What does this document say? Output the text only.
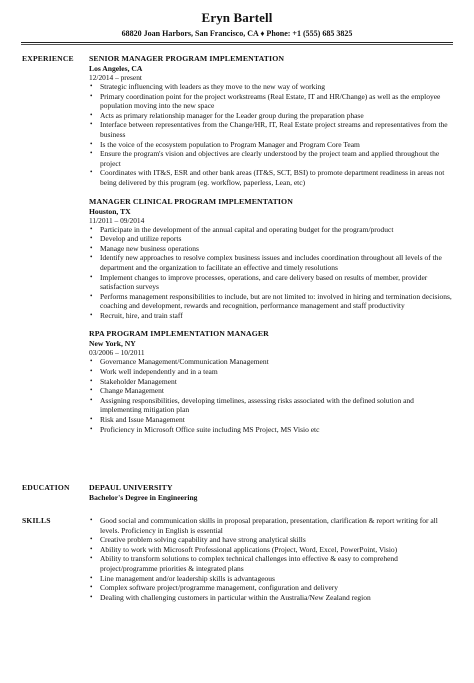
Eryn Bartell
68820 Joan Harbors, San Francisco, CA ♦ Phone: +1 (555) 685 3825
EXPERIENCE SENIOR MANAGER PROGRAM IMPLEMENTATION
Los Angeles, CA
12/2014 – present
• Strategic influencing with leaders as they move to the new way of working
• Primary coordination point for the project workstreams (Real Estate, IT and HR/Change) as well as the employee population moving into the new space
• Acts as primary relationship manager for the Leader group during the preparation phase
• Interface between representatives from the Change/HR, IT, Real Estate project streams and representatives from the business
• Is the voice of the ecosystem population to Program Manager and Program Core Team
• Ensure the program's vision and objectives are clearly understood by the project team and applied throughout the project
• Coordinates with IT&S, ESR and other bank areas (IT&S, SCT, BSI) to promote department readiness in areas not being delivered by this program (eg. workflow, paperless, Lean, etc)
MANAGER CLINICAL PROGRAM IMPLEMENTATION
Houston, TX
11/2011 – 09/2014
• Participate in the development of the annual capital and operating budget for the program/product
• Develop and utilize reports
• Manage new business operations
• Identify new approaches to resolve complex business issues and includes coordination throughout all levels of the department and the organization to facilitate an effective and timely resolutions
• Implement changes to improve processes, operations, and care delivery based on results of member, provider satisfaction surveys
• Performs management responsibilities to include, but are not limited to: involved in hiring and termination decisions, coaching and development, rewards and recognition, performance management and staff productivity
• Recruit, hire, and train staff
RPA PROGRAM IMPLEMENTATION MANAGER
New York, NY
03/2006 – 10/2011
• Governance Management/Communication Management
• Work well independently and in a team
• Stakeholder Management
• Change Management
• Assigning responsibilities, developing timelines, assessing risks associated with the defined solution and implementing mitigation plan
• Risk and Issue Management
• Proficiency in Microsoft Office suite including MS Project, MS Visio etc
EDUCATION DEPAUL UNIVERSITY
Bachelor's Degree in Engineering
SKILLS	• Good social and communication skills in proposal preparation, presentation, clarification & report writing for all levels. Proficiency in English is essential
• Creative problem solving capability and have strong analytical skills
• Ability to work with Microsoft Professional applications (Project, Word, Excel, PowerPoint, Visio)
• Ability to transform solutions to complex technical challenges into effective & easy to comprehend project/programme priorities & integrated plans
• Line management and/or leadership skills is advantageous
• Complex software project/programme management, configuration and delivery
• Dealing with challenging customers in particular within the Australia/New Zealand region
